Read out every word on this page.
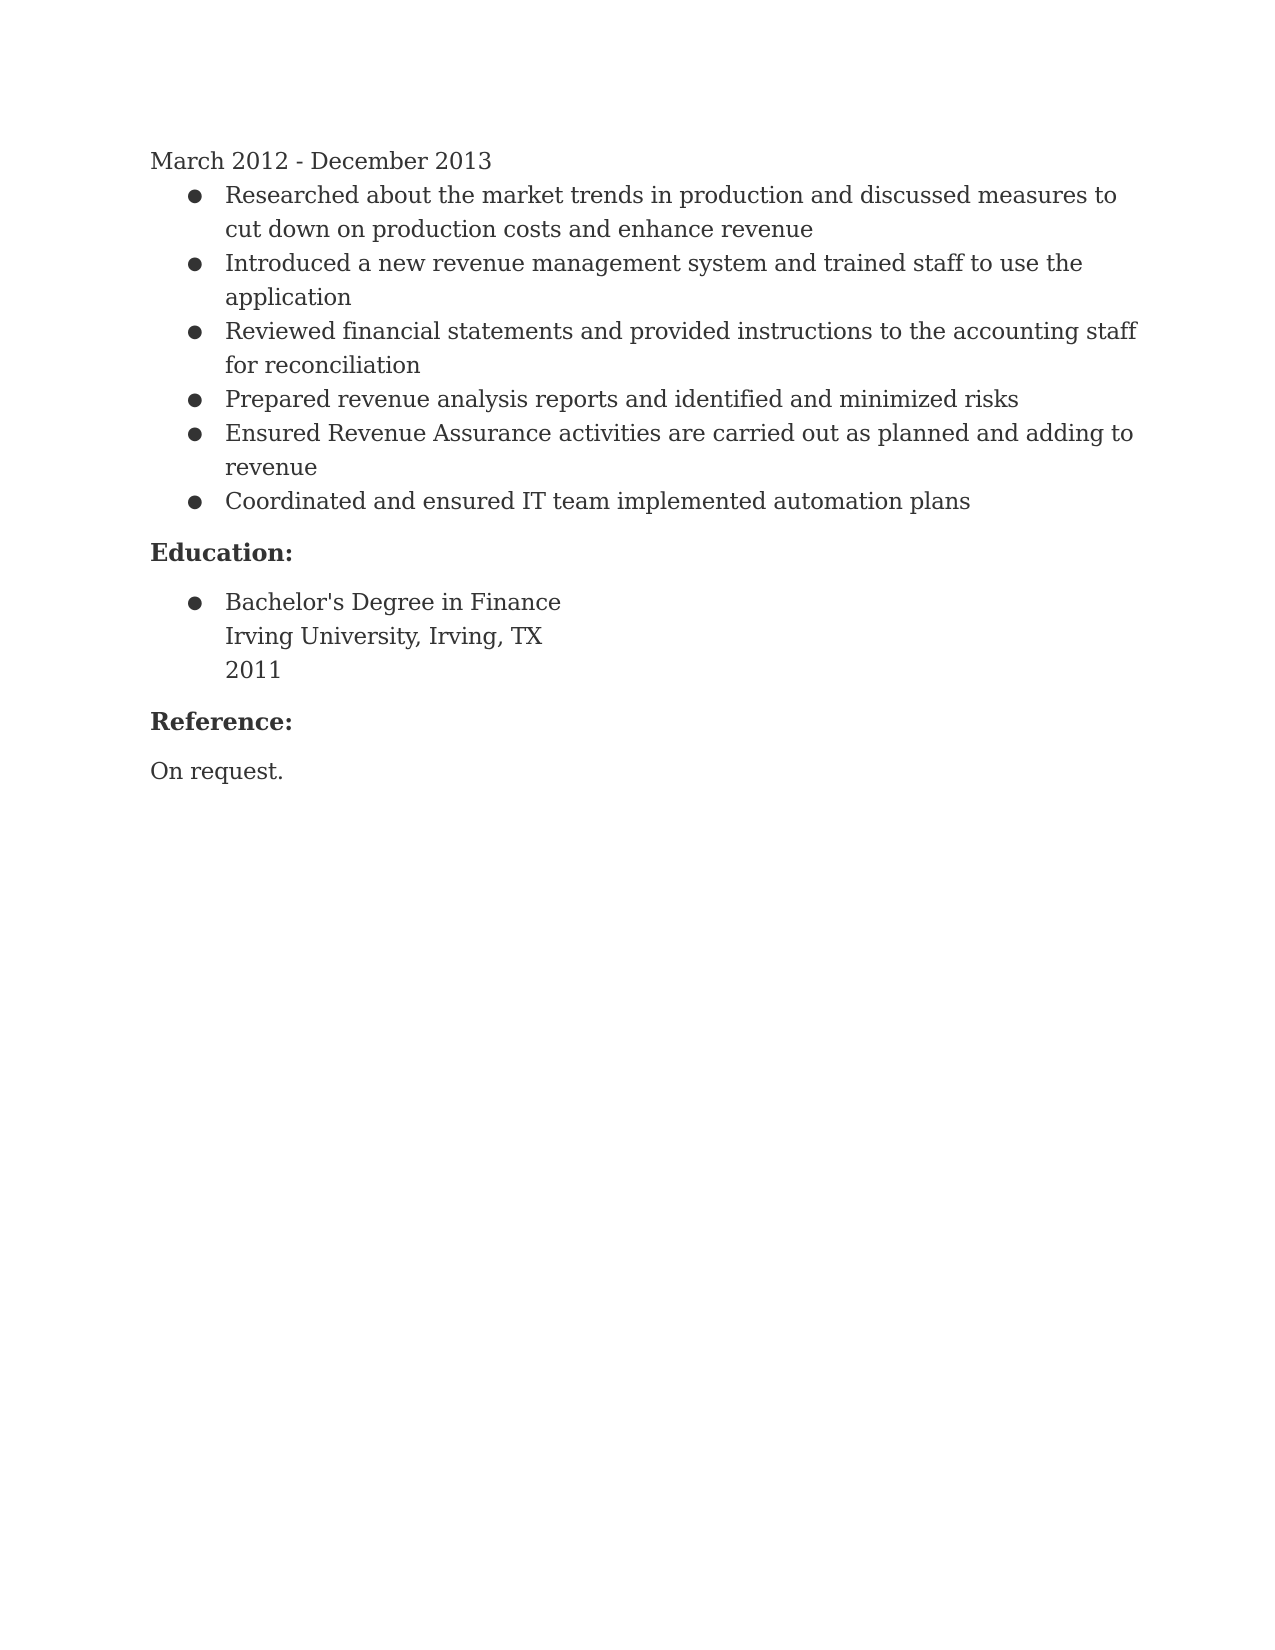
March 2012 - December 2013

● Researched about the market trends in production and discussed measures to cut down on production costs and enhance revenue
● Introduced a new revenue management system and trained staff to use the application
● Reviewed financial statements and provided instructions to the accounting staff for reconciliation
● Prepared revenue analysis reports and identified and minimized risks
● Ensured Revenue Assurance activities are carried out as planned and adding to revenue
● Coordinated and ensured IT team implemented automation plans
Education:
● Bachelor's Degree in Finance
Irving University, Irving, TX
2011
Reference:

On request.
